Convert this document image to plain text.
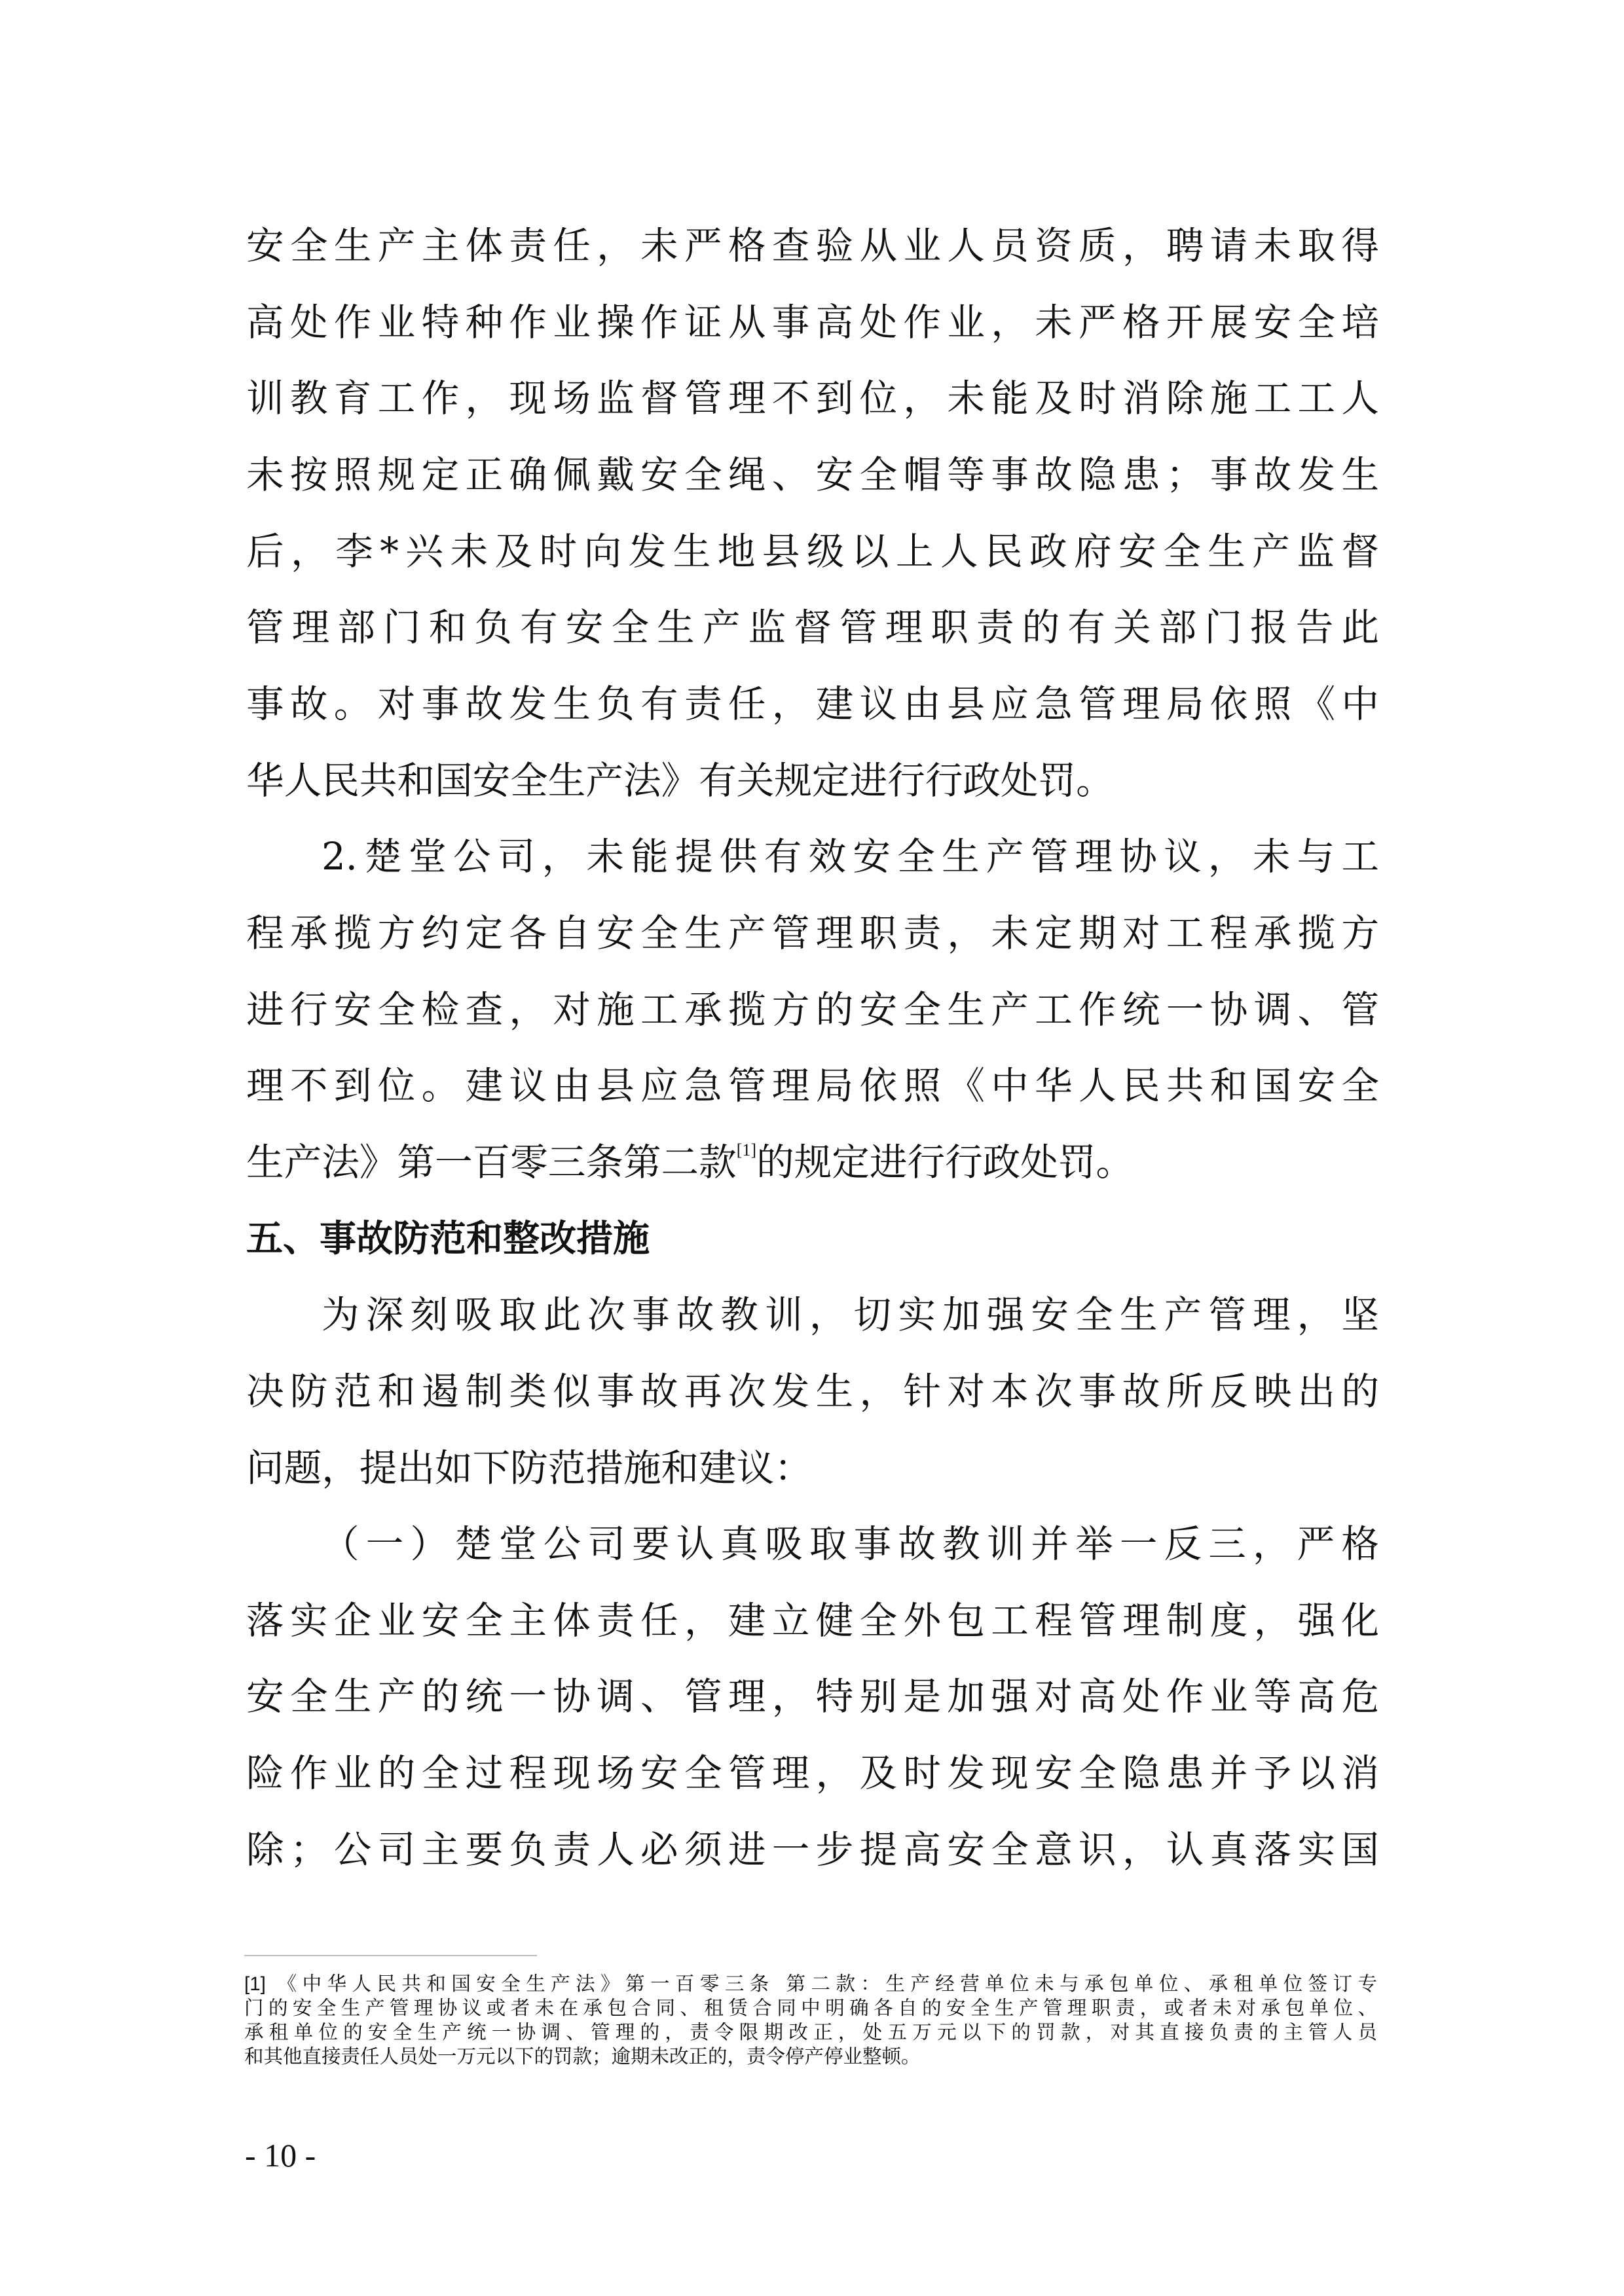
安全生产主体责任，未严格查验从业人员资质，聘请未取得
高处作业特种作业操作证从事高处作业，未严格开展安全培
训教育工作，现场监督管理不到位，未能及时消除施工工人
未按照规定正确佩戴安全绳、安全帽等事故隐患；事故发生
后，李*兴未及时向发生地县级以上人民政府安全生产监督
管理部门和负有安全生产监督管理职责的有关部门报告此
事故。对事故发生负有责任，建议由县应急管理局依照《中
华人民共和国安全生产法》有关规定进行行政处罚。

2.楚堂公司，未能提供有效安全生产管理协议，未与工
程承揽方约定各自安全生产管理职责，未定期对工程承揽方
进行安全检查，对施工承揽方的安全生产工作统一协调、管
理不到位。建议由县应急管理局依照《中华人民共和国安全
生产法》第一百零三条第二款[1]的规定进行行政处罚。

五、事故防范和整改措施

为深刻吸取此次事故教训，切实加强安全生产管理，坚
决防范和遏制类似事故再次发生，针对本次事故所反映出的
问题，提出如下防范措施和建议：

（一）楚堂公司要认真吸取事故教训并举一反三，严格
落实企业安全主体责任，建立健全外包工程管理制度，强化
安全生产的统一协调、管理，特别是加强对高处作业等高危
险作业的全过程现场安全管理，及时发现安全隐患并予以消
除；公司主要负责人必须进一步提高安全意识，认真落实国

[1] 《中华人民共和国安全生产法》第一百零三条 第二款：生产经营单位未与承包单位、承租单位签订专
门的安全生产管理协议或者未在承包合同、租赁合同中明确各自的安全生产管理职责，或者未对承包单位、
承租单位的安全生产统一协调、管理的，责令限期改正，处五万元以下的罚款，对其直接负责的主管人员
和其他直接责任人员处一万元以下的罚款；逾期未改正的，责令停产停业整顿。
- 10 -
